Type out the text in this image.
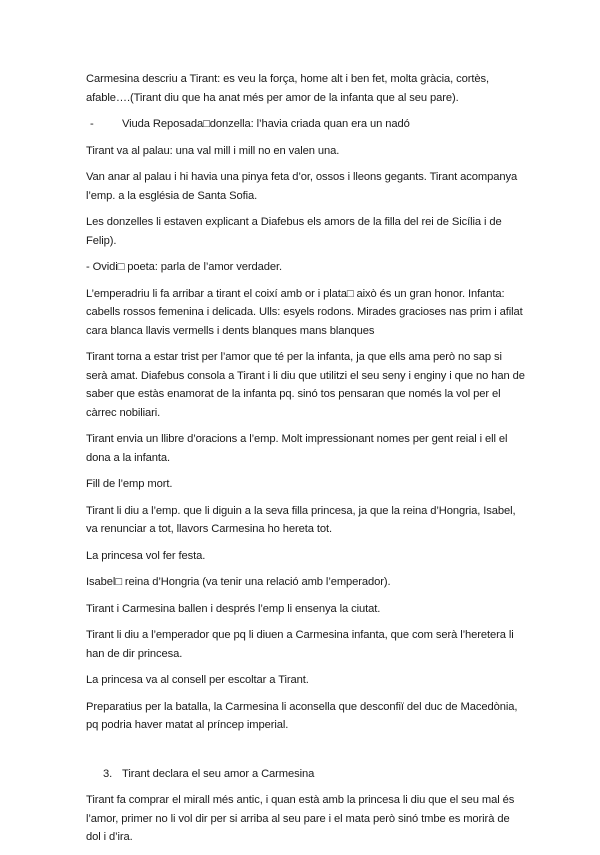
Carmesina descriu a Tirant: es veu la força, home alt i ben fet, molta gràcia, cortès, afable….(Tirant diu que ha anat més per amor de la infanta que al seu pare).

-	Viuda Reposada□donzella: l’havia criada quan era un nadó

Tirant va al palau: una val mill i mill no en valen una.

Van anar al palau i hi havia una pinya feta d’or, ossos i lleons gegants. Tirant acompanya l’emp. a la església de Santa Sofia.

Les donzelles li estaven explicant a Diafebus els amors de la filla del rei de Sicília i de Felip).

- Ovidi□ poeta: parla de l’amor verdader.

L’emperadriu li fa arribar a tirant el coixí amb or i plata□ això és un gran honor. Infanta: cabells rossos femenina i delicada. Ulls: esyels rodons. Mirades gracioses nas prim i afilat cara blanca llavis vermells i dents blanques mans blanques

Tirant torna a estar trist per l’amor que té per la infanta, ja que ells ama però no sap si serà amat. Diafebus consola a Tirant i li diu que utilitzi el seu seny i enginy i que no han de saber que estàs enamorat de la infanta pq. sinó tos pensaran que només la vol per el càrrec nobiliari.

Tirant envia un llibre d’oracions a l’emp. Molt impressionant nomes per gent reial i ell el dona a la infanta.

Fill de l’emp mort.

Tirant li diu a l’emp. que li diguin a la seva filla princesa, ja que la reina d’Hongria, Isabel, va renunciar a tot, llavors Carmesina ho hereta tot.

La princesa vol fer festa.

Isabel□ reina d’Hongria (va tenir una relació amb l’emperador).

Tirant i Carmesina ballen i després l’emp li ensenya la ciutat.

Tirant li diu a l’emperador que pq li diuen a Carmesina infanta, que com serà l’heretera li han de dir princesa.

La princesa va al consell per escoltar a Tirant.

Preparatius per la batalla, la Carmesina li aconsella que desconfiï del duc de Macedònia, pq podria haver matat al príncep imperial.

3. Tirant declara el seu amor a Carmesina

Tirant fa comprar el mirall més antic, i quan està amb la princesa li diu que el seu mal és l’amor, primer no li vol dir per si arriba al seu pare i el mata però sinó tmbe es morirà de dol i d’ira.
